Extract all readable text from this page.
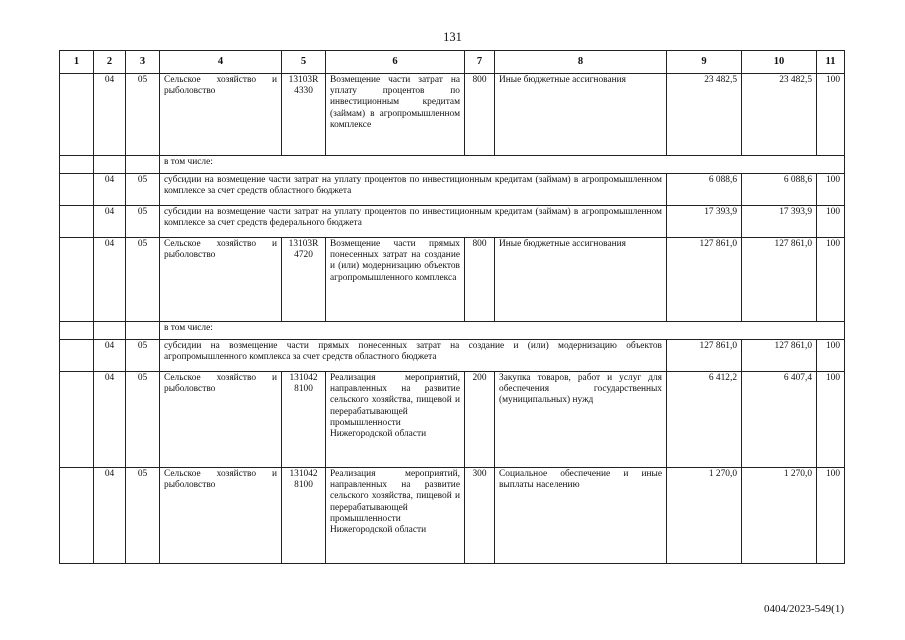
131
1	2	3	4	5	6	7	8	9	10	11
	04	05	Сельское хозяйство и рыболовство	13103R 4330	Возмещение части затрат на уплату процентов по инвестиционным кредитам (займам) в агропромышленном комплексе	800	Иные бюджетные ассигнования	23 482,5	23 482,5	100
			в том числе:							
	04	05	субсидии на возмещение части затрат на уплату процентов по инвестиционным кредитам (займам) в агропромышленном комплексе за счет средств областного бюджета					6 088,6	6 088,6	100
	04	05	субсидии на возмещение части затрат на уплату процентов по инвестиционным кредитам (займам) в агропромышленном комплексе за счет средств федерального бюджета					17 393,9	17 393,9	100
	04	05	Сельское хозяйство и рыболовство	13103R 4720	Возмещение части прямых понесенных затрат на создание и (или) модернизацию объектов агропромышленного комплекса	800	Иные бюджетные ассигнования	127 861,0	127 861,0	100
			в том числе:							
	04	05	субсидии на возмещение части прямых понесенных затрат на создание и (или) модернизацию объектов агропромышленного комплекса за счет средств областного бюджета					127 861,0	127 861,0	100
	04	05	Сельское хозяйство и рыболовство	131042 8100	Реализация мероприятий, направленных на развитие сельского хозяйства, пищевой и перерабатывающей промышленности Нижегородской области	200	Закупка товаров, работ и услуг для обеспечения государственных (муниципальных) нужд	6 412,2	6 407,4	100
	04	05	Сельское хозяйство и рыболовство	131042 8100	Реализация мероприятий, направленных на развитие сельского хозяйства, пищевой и перерабатывающей промышленности Нижегородской области	300	Социальное обеспечение и иные выплаты населению	1 270,0	1 270,0	100
0404/2023-549(1)
